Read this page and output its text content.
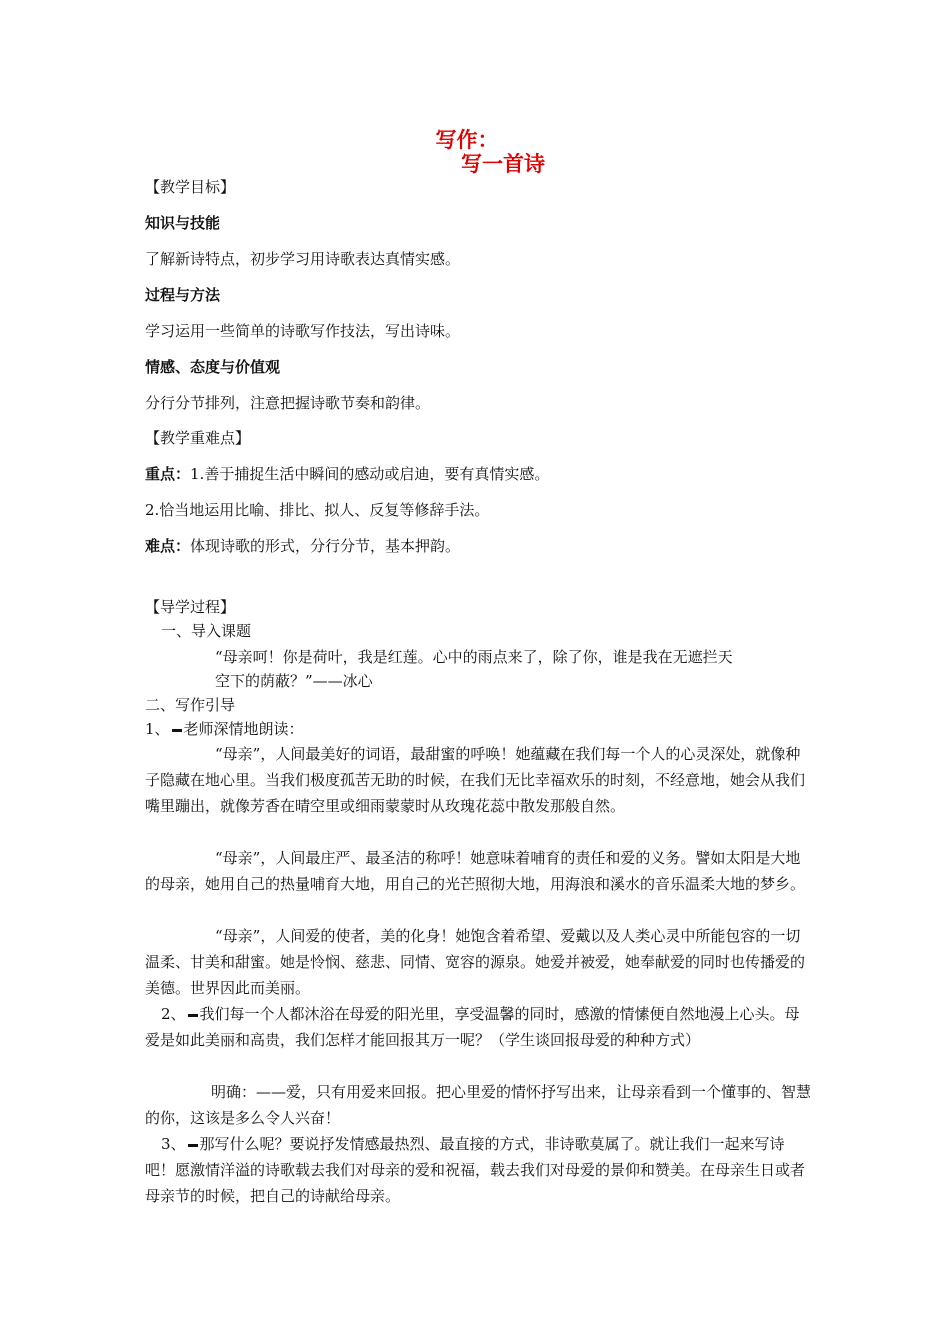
写作：
写一首诗
【教学目标】
知识与技能
了解新诗特点，初步学习用诗歌表达真情实感。
过程与方法
学习运用一些简单的诗歌写作技法，写出诗味。
情感、态度与价值观
分行分节排列，注意把握诗歌节奏和韵律。
【教学重难点】
重点：1.善于捕捉生活中瞬间的感动或启迪，要有真情实感。
2.恰当地运用比喻、排比、拟人、反复等修辞手法。
难点：体现诗歌的形式，分行分节，基本押韵。
【导学过程】
一、导入课题
“母亲呵！你是荷叶，我是红莲。心中的雨点来了，除了你，谁是我在无遮拦天
空下的荫蔽？”——冰心
二、写作引导
1、 老师深情地朗读：
“母亲”，人间最美好的词语，最甜蜜的呼唤！她蕴藏在我们每一个人的心灵深处，就像种子隐藏在地心里。当我们极度孤苦无助的时候，在我们无比幸福欢乐的时刻，不经意地，她会从我们嘴里蹦出，就像芳香在晴空里或细雨蒙蒙时从玫瑰花蕊中散发那般自然。
“母亲”，人间最庄严、最圣洁的称呼！她意味着哺育的责任和爱的义务。譬如太阳是大地的母亲，她用自己的热量哺育大地，用自己的光芒照彻大地，用海浪和溪水的音乐温柔大地的梦乡。
“母亲”，人间爱的使者，美的化身！她饱含着希望、爱戴以及人类心灵中所能包容的一切温柔、甘美和甜蜜。她是怜悯、慈悲、同情、宽容的源泉。她爱并被爱，她奉献爱的同时也传播爱的美德。世界因此而美丽。
2、 我们每一个人都沐浴在母爱的阳光里，享受温馨的同时，感激的情愫便自然地漫上心头。母爱是如此美丽和高贵，我们怎样才能回报其万一呢？（学生谈回报母爱的种种方式）
明确：——爱，只有用爱来回报。把心里爱的情怀抒写出来，让母亲看到一个懂事的、智慧的你，这该是多么令人兴奋！
3、 那写什么呢？要说抒发情感最热烈、最直接的方式，非诗歌莫属了。就让我们一起来写诗吧！愿激情洋溢的诗歌载去我们对母亲的爱和祝福，载去我们对母爱的景仰和赞美。在母亲生日或者母亲节的时候，把自己的诗献给母亲。
